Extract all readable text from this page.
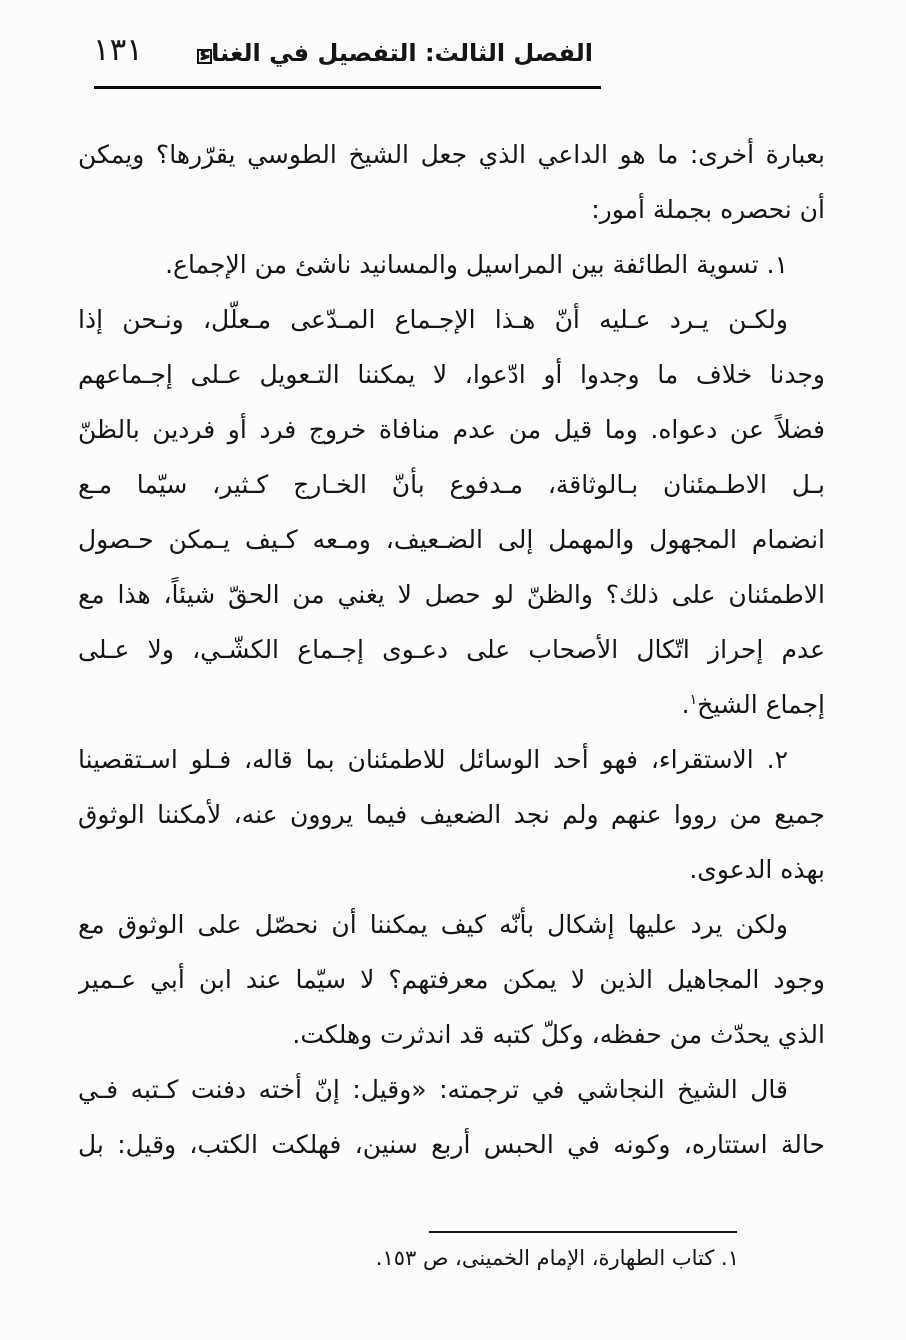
١٣١ الفصل الثالث: التفصيل في الغناء
بعبارة أخرى: ما هو الداعي الذي جعل الشيخ الطوسي يقرّرها؟ ويمكن
أن نحصره بجملة أمور:
١. تسوية الطائفة بين المراسيل والمسانيد ناشئ من الإجماع.
ولكـن يـرد عـليه أنّ هـذا الإجـماع المـدّعى مـعلّل، ونـحن إذا
وجدنا خلاف ما وجدوا أو ادّعوا، لا يمكننا التـعويل عـلى إجـماعهم
فضلاً عن دعواه. وما قيل من عدم منافاة خروج فرد أو فردين بالظنّ
بـل الاطـمئنان بـالوثاقة، مـدفوع بأنّ الخـارج كـثير، سيّما مـع
انضمام المجهول والمهمل إلى الضـعيف، ومـعه كـيف يـمكن حـصول
الاطمئنان على ذلك؟ والظنّ لو حصل لا يغني من الحقّ شيئاً، هذا مع
عدم إحراز اتّكال الأصحاب على دعـوى إجـماع الكشّـي، ولا عـلى
إجماع الشيخ$^١$.
٢. الاستقراء، فهو أحد الوسائل للاطمئنان بما قاله، فـلو اسـتقصينا
جميع من رووا عنهم ولم نجد الضعيف فيما يروون عنه، لأمكننا الوثوق
بهذه الدعوى.
ولكن يرد عليها إشكال بأنّه كيف يمكننا أن نحصّل على الوثوق مع
وجود المجاهيل الذين لا يمكن معرفتهم؟ لا سيّما عند ابن أبي عـمير
الذي يحدّث من حفظه، وكلّ كتبه قد اندثرت وهلكت.
قال الشيخ النجاشي في ترجمته: «وقيل: إنّ أخته دفنت كـتبه فـي
حالة استتاره، وكونه في الحبس أربع سنين، فهلكت الكتب، وقيل: بل
١. كتاب الطهارة، الإمام الخمينى، ص ١٥٣.
